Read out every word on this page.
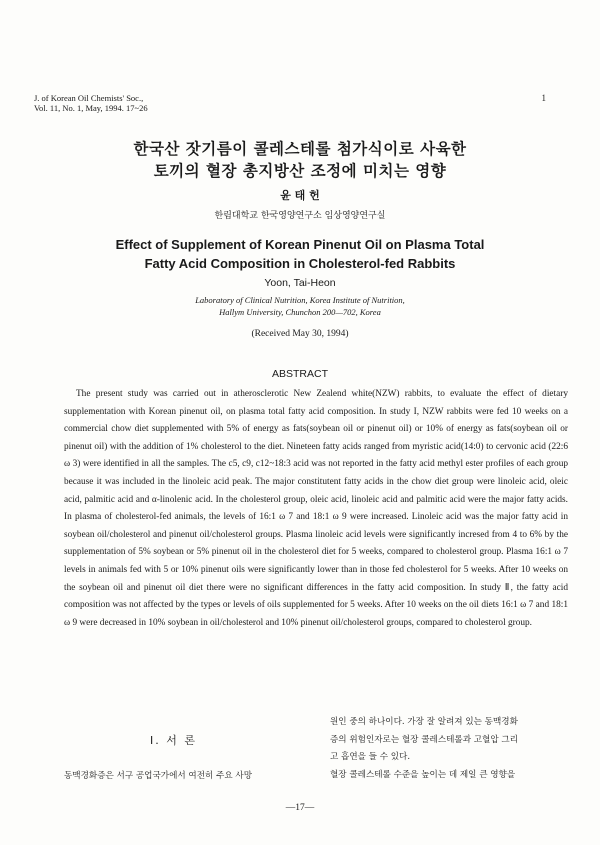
J. of Korean Oil Chemists' Soc.,
Vol. 11, No. 1, May, 1994. 17~26
1
한국산 잣기름이 콜레스테롤 첨가식이로 사육한
토끼의 혈장 총지방산 조정에 미치는 영향
윤 태 헌
한림대학교 한국영양연구소 임상영양연구실
Effect of Supplement of Korean Pinenut Oil on Plasma Total
Fatty Acid Composition in Cholesterol-fed Rabbits
Yoon, Tai-Heon
Laboratory of Clinical Nutrition, Korea Institute of Nutrition,
Hallym University, Chunchon 200—702, Korea
(Received May 30, 1994)
ABSTRACT

The present study was carried out in atherosclerotic New Zealend white(NZW) rabbits, to evaluate the effect of dietary supplementation with Korean pinenut oil, on plasma total fatty acid composition. In study I, NZW rabbits were fed 10 weeks on a commercial chow diet supplemented with 5% of energy as fats(soybean oil or pinenut oil) or 10% of energy as fats(soybean oil or pinenut oil) with the addition of 1% cholesterol to the diet. Nineteen fatty acids ranged from myristic acid(14:0) to cervonic acid (22:6 ω 3) were identified in all the samples. The c5, c9, c12~18:3 acid was not reported in the fatty acid methyl ester profiles of each group because it was included in the linoleic acid peak. The major constitutent fatty acids in the chow diet group were linoleic acid, oleic acid, palmitic acid and α-linolenic acid. In the cholesterol group, oleic acid, linoleic acid and palmitic acid were the major fatty acids. In plasma of cholesterol-fed animals, the levels of 16:1 ω 7 and 18:1 ω 9 were increased. Linoleic acid was the major fatty acid in soybean oil/cholesterol and pinenut oil/cholesterol groups. Plasma linoleic acid levels were significantly incresed from 4 to 6% by the supplementation of 5% soybean or 5% pinenut oil in the cholesterol diet for 5 weeks, compared to cholesterol group. Plasma 16:1 ω 7 levels in animals fed with 5 or 10% pinenut oils were significantly lower than in those fed cholesterol for 5 weeks. After 10 weeks on the soybean oil and pinenut oil diet there were no significant differences in the fatty acid composition. In study Ⅱ, the fatty acid composition was not affected by the types or levels of oils supplemented for 5 weeks. After 10 weeks on the oil diets 16:1 ω 7 and 18:1 ω 9 were decreased in 10% soybean in oil/cholesterol and 10% pinenut oil/cholesterol groups, compared to cholesterol group.

Ⅰ. 서 론
동맥경화증은 서구 공업국가에서 여전히 주요 사망
원인 중의 하나이다. 가장 잘 알려져 있는 동맥경화
증의 위험인자로는 혈장 콜레스테롤과 고혈압 그리
고 흡연을 들 수 있다.
혈장 콜레스테롤 수준을 높이는 데 제일 큰 영향을
—17—
